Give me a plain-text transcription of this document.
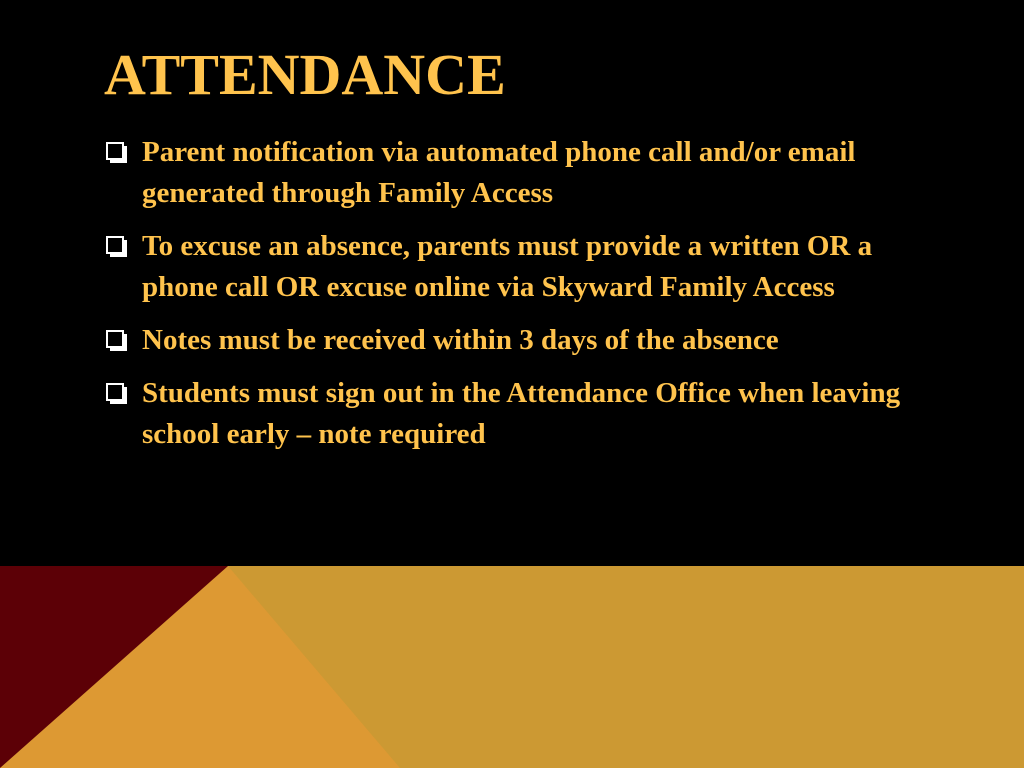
ATTENDANCE
Parent notification via automated phone call and/or email generated through Family Access
To excuse an absence, parents must provide a written OR a phone call OR excuse online via Skyward Family Access
Notes must be received within 3 days of the absence
Students must sign out in the Attendance Office when leaving school early – note required
